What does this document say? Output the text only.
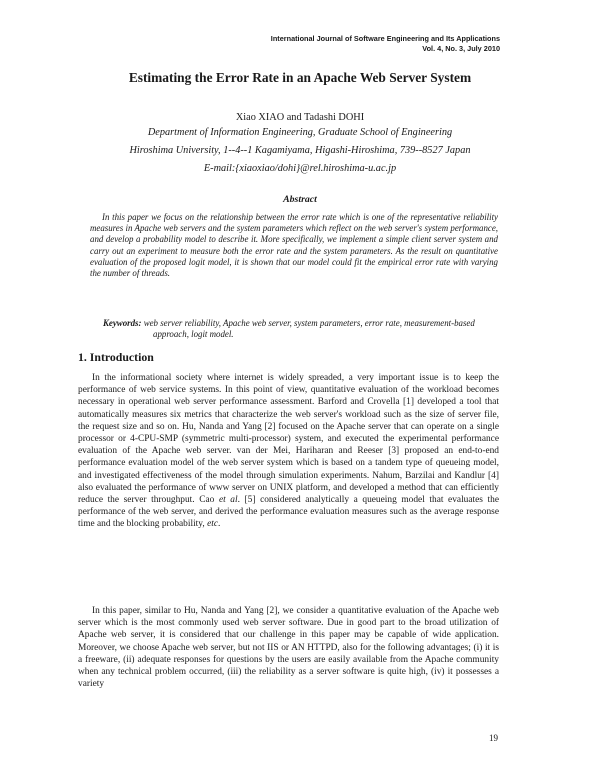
International Journal of Software Engineering and Its Applications
Vol. 4, No. 3, July 2010
Estimating the Error Rate in an Apache Web Server System
Xiao XIAO and Tadashi DOHI
Department of Information Engineering, Graduate School of Engineering
Hiroshima University, 1--4--1 Kagamiyama, Higashi-Hiroshima, 739--8527 Japan
E-mail:{xiaoxiao/dohi}@rel.hiroshima-u.ac.jp
Abstract
In this paper we focus on the relationship between the error rate which is one of the representative reliability measures in Apache web servers and the system parameters which reflect on the web server's system performance, and develop a probability model to describe it. More specifically, we implement a simple client server system and carry out an experiment to measure both the error rate and the system parameters. As the result on quantitative evaluation of the proposed logit model, it is shown that our model could fit the empirical error rate with varying the number of threads.
Keywords: web server reliability, Apache web server, system parameters, error rate, measurement-based approach, logit model.
1. Introduction
In the informational society where internet is widely spreaded, a very important issue is to keep the performance of web service systems. In this point of view, quantitative evaluation of the workload becomes necessary in operational web server performance assessment. Barford and Crovella [1] developed a tool that automatically measures six metrics that characterize the web server's workload such as the size of server file, the request size and so on. Hu, Nanda and Yang [2] focused on the Apache server that can operate on a single processor or 4-CPU-SMP (symmetric multi-processor) system, and executed the experimental performance evaluation of the Apache web server. van der Mei, Hariharan and Reeser [3] proposed an end-to-end performance evaluation model of the web server system which is based on a tandem type of queueing model, and investigated effectiveness of the model through simulation experiments. Nahum, Barzilai and Kandlur [4] also evaluated the performance of www server on UNIX platform, and developed a method that can efficiently reduce the server throughput. Cao et al. [5] considered analytically a queueing model that evaluates the performance of the web server, and derived the performance evaluation measures such as the average response time and the blocking probability, etc.
In this paper, similar to Hu, Nanda and Yang [2], we consider a quantitative evaluation of the Apache web server which is the most commonly used web server software. Due in good part to the broad utilization of Apache web server, it is considered that our challenge in this paper may be capable of wide application. Moreover, we choose Apache web server, but not IIS or AN HTTPD, also for the following advantages; (i) it is a freeware, (ii) adequate responses for questions by the users are easily available from the Apache community when any technical problem occurred, (iii) the reliability as a server software is quite high, (iv) it possesses a variety
19
